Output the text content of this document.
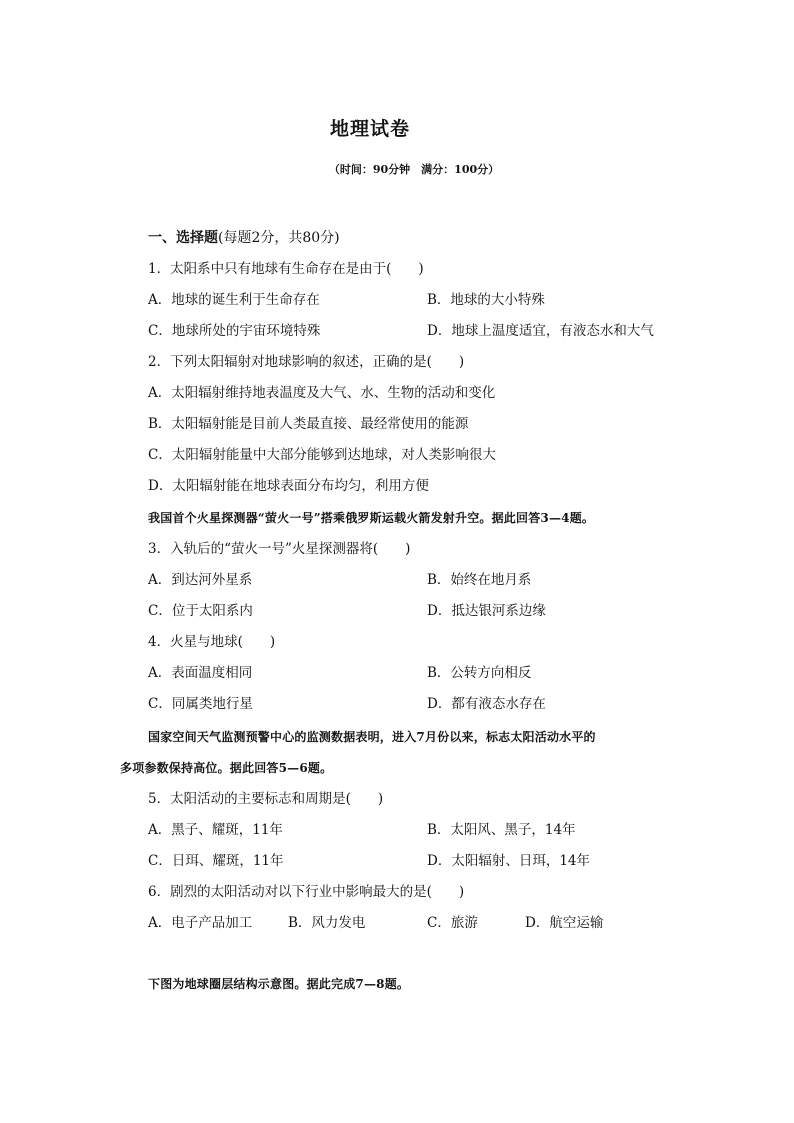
地理试卷
（时间：90分钟　满分：100分）
一、选择题(每题2分，共80分)
1．太阳系中只有地球有生命存在是由于(　　)
A．地球的诞生利于生命存在	B．地球的大小特殊
C．地球所处的宇宙环境特殊	D．地球上温度适宜，有液态水和大气
2．下列太阳辐射对地球影响的叙述，正确的是(　　)
A．太阳辐射维持地表温度及大气、水、生物的活动和变化
B．太阳辐射能是目前人类最直接、最经常使用的能源
C．太阳辐射能量中大部分能够到达地球，对人类影响很大
D．太阳辐射能在地球表面分布均匀，利用方便
我国首个火星探测器“萤火一号”搭乘俄罗斯运载火箭发射升空。据此回答3—4题。
3．入轨后的“萤火一号”火星探测器将(　　)
A．到达河外星系	B．始终在地月系
C．位于太阳系内	D．抵达银河系边缘
4．火星与地球(　　)
A．表面温度相同	B．公转方向相反
C．同属类地行星	D．都有液态水存在
国家空间天气监测预警中心的监测数据表明，进入7月份以来，标志太阳活动水平的
多项参数保持高位。据此回答5—6题。
5．太阳活动的主要标志和周期是(　　)
A．黑子、耀斑，11年	B．太阳风、黑子，14年
C．日珥、耀斑，11年	D．太阳辐射、日珥，14年
6．剧烈的太阳活动对以下行业中影响最大的是(　　)
A．电子产品加工	B．风力发电	C．旅游	D．航空运输
下图为地球圈层结构示意图。据此完成7—8题。
